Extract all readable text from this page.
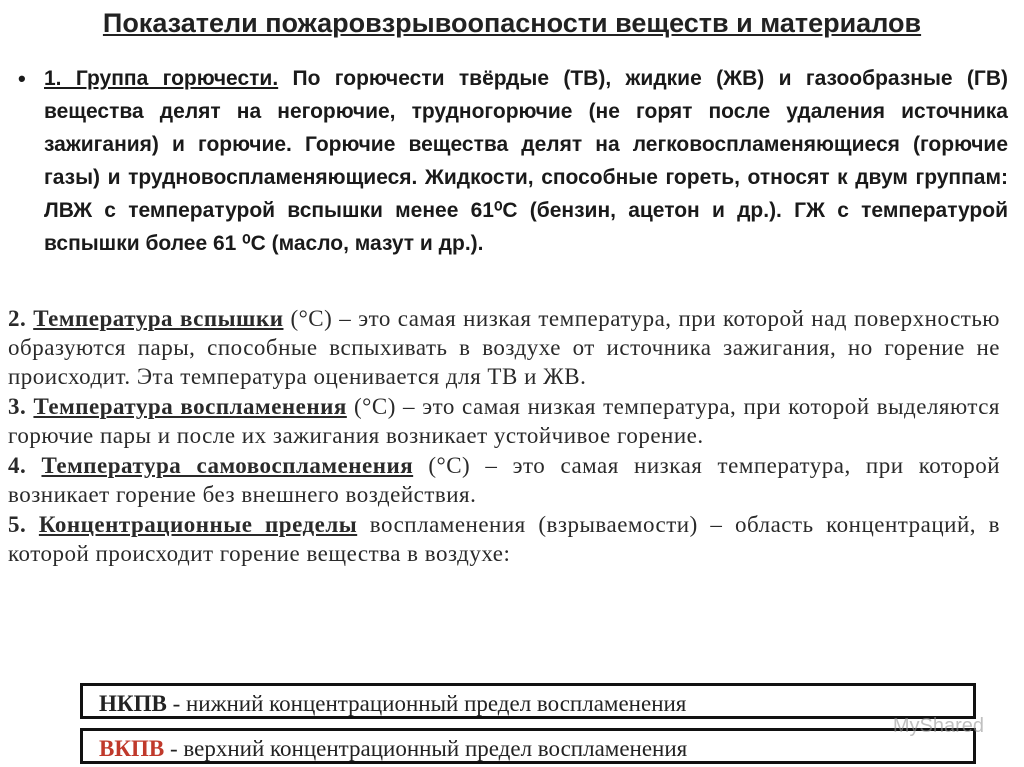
Показатели пожаровзрывоопасности веществ и материалов
• 1. Группа горючести. По горючести твёрдые (ТВ), жидкие (ЖВ) и газообразные (ГВ) вещества делят на негорючие, трудногорючие (не горят после удаления источника зажигания) и горючие. Горючие вещества делят на легковоспламеняющиеся (горючие газы) и трудновоспламеняющиеся. Жидкости, способные гореть, относят к двум группам: ЛВЖ с температурой вспышки менее 61⁰С (бензин, ацетон и др.). ГЖ с температурой вспышки более 61 ⁰С (масло, мазут и др.).

2. Температура вспышки (°С) – это самая низкая температура, при которой над поверхностью образуются пары, способные вспыхивать в воздухе от источника зажигания, но горение не происходит. Эта температура оценивается для ТВ и ЖВ.

3. Температура воспламенения (°С) – это самая низкая температура, при которой выделяются горючие пары и после их зажигания возникает устойчивое горение.

4. Температура самовоспламенения (°С) – это самая низкая температура, при которой возникает горение без внешнего воздействия.

5. Концентрационные пределы воспламенения (взрываемости) – область концентраций, в которой происходит горение вещества в воздухе:

НКПВ - нижний концентрационный предел воспламенения
ВКПВ - верхний концентрационный предел воспламенения
MyShared
